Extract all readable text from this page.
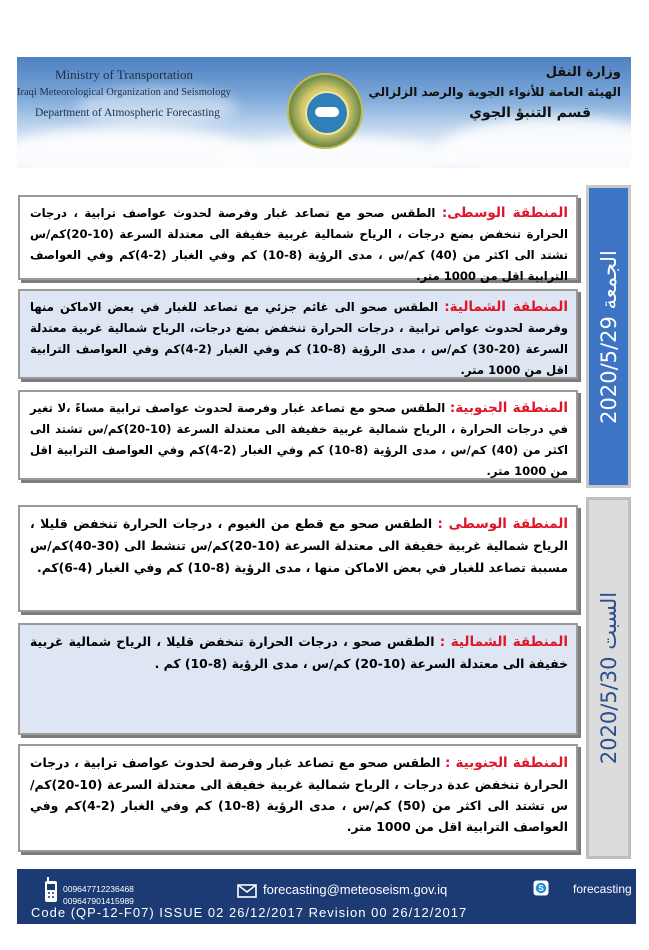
Ministry of Transportation
Iraqi Meteorological Organization and Seismology
Department of Atmospheric Forecasting
وزارة النقل
الهيئة العامة للأنواء الجوية والرصد الزلزالي
قسم التنبؤ الجوي
الجمعة 2020/5/29
المنطقة الوسطى: الطقس صحو مع تصاعد غبار وفرصة لحدوث عواصف ترابية ، درجات الحرارة تنخفض بضع درجات ، الرياح شمالية غربية خفيفة الى معتدلة السرعة (10-20)كم/س تشتد الى اكثر من (40) كم/س ، مدى الرؤية (8-10) كم وفي الغبار (2-4)كم وفي العواصف الترابية اقل من 1000 متر.
المنطقة الشمالية: الطقس صحو الى غائم جزئي مع تصاعد للغبار في بعض الاماكن منها وفرصة لحدوث عواص ترابية ، درجات الحرارة تنخفض بضع درجات، الرياح شمالية غربية معتدلة السرعة (20-30) كم/س ، مدى الرؤية (8-10) كم وفي الغبار (2-4)كم وفي العواصف الترابية اقل من 1000 متر.
المنطقة الجنوبية: الطقس صحو مع تصاعد غبار وفرصة لحدوث عواصف ترابية مساءً ،لا تغير في درجات الحرارة ، الرياح شمالية غربية خفيفة الى معتدلة السرعة (10-20)كم/س تشتد الى اكثر من (40) كم/س ، مدى الرؤية (8-10) كم وفي الغبار (2-4)كم وفي العواصف الترابية اقل من 1000 متر.
السبت 2020/5/30
المنطقة الوسطى : الطقس صحو مع قطع من الغيوم ، درجات الحرارة تنخفض قليلا ، الرياح شمالية غربية خفيفة الى معتدلة السرعة (10-20)كم/س تنشط الى (30-40)كم/س مسببة تصاعد للغبار في بعض الاماكن منها ، مدى الرؤية (8-10) كم وفي الغبار (4-6)كم.
المنطقة الشمالية : الطقس صحو ، درجات الحرارة تنخفض قليلا ، الرياح شمالية غربية خفيفة الى معتدلة السرعة (10-20) كم/س ، مدى الرؤية (8-10) كم .
المنطقة الجنوبية : الطقس صحو مع تصاعد غبار وفرصة لحدوث عواصف ترابية ، درجات الحرارة تنخفض عدة درجات ، الرياح شمالية غربية خفيفة الى معتدلة السرعة (10-20)كم/س تشتد الى اكثر من (50) كم/س ، مدى الرؤية (8-10) كم وفي الغبار (2-4)كم وفي العواصف الترابية اقل من 1000 متر.
009647712236468
009647901415989
forecasting@meteoseism.gov.iq	S forecasting
Code (QP-12-F07) ISSUE 02 26/12/2017 Revision 00 26/12/2017
